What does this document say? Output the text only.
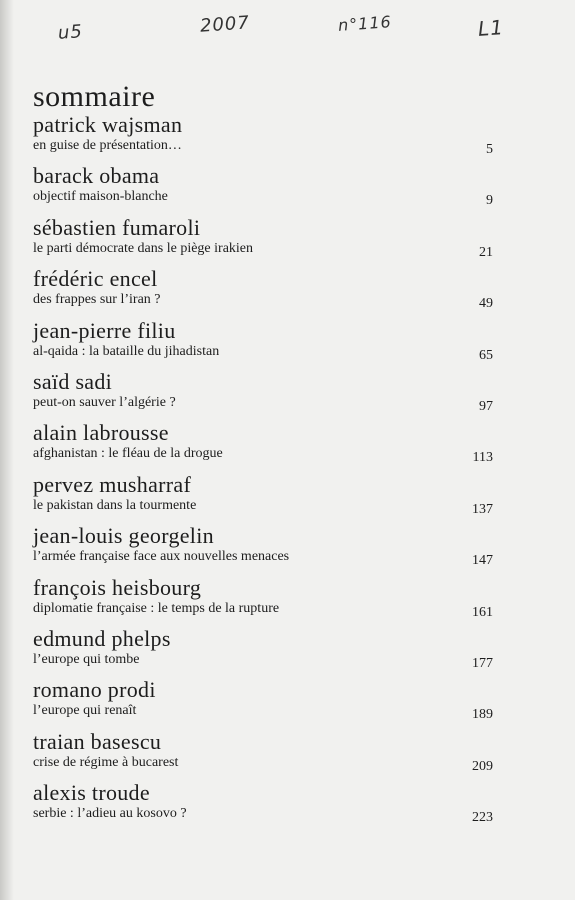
u5	2007	n°116	L1
sommaire
patrick wajsman
en guise de présentation…	5
barack obama
objectif maison-blanche	9
sébastien fumaroli
le parti démocrate dans le piège irakien	21
frédéric encel
des frappes sur l’iran ?	49
jean-pierre filiu
al-qaida : la bataille du jihadistan	65
saïd sadi
peut-on sauver l’algérie ?	97
alain labrousse
afghanistan : le fléau de la drogue	113
pervez musharraf
le pakistan dans la tourmente	137
jean-louis georgelin
l’armée française face aux nouvelles menaces	147
françois heisbourg
diplomatie française : le temps de la rupture	161
edmund phelps
l’europe qui tombe	177
romano prodi
l’europe qui renaît	189
traian basescu
crise de régime à bucarest	209
alexis troude
serbie : l’adieu au kosovo ?	223
